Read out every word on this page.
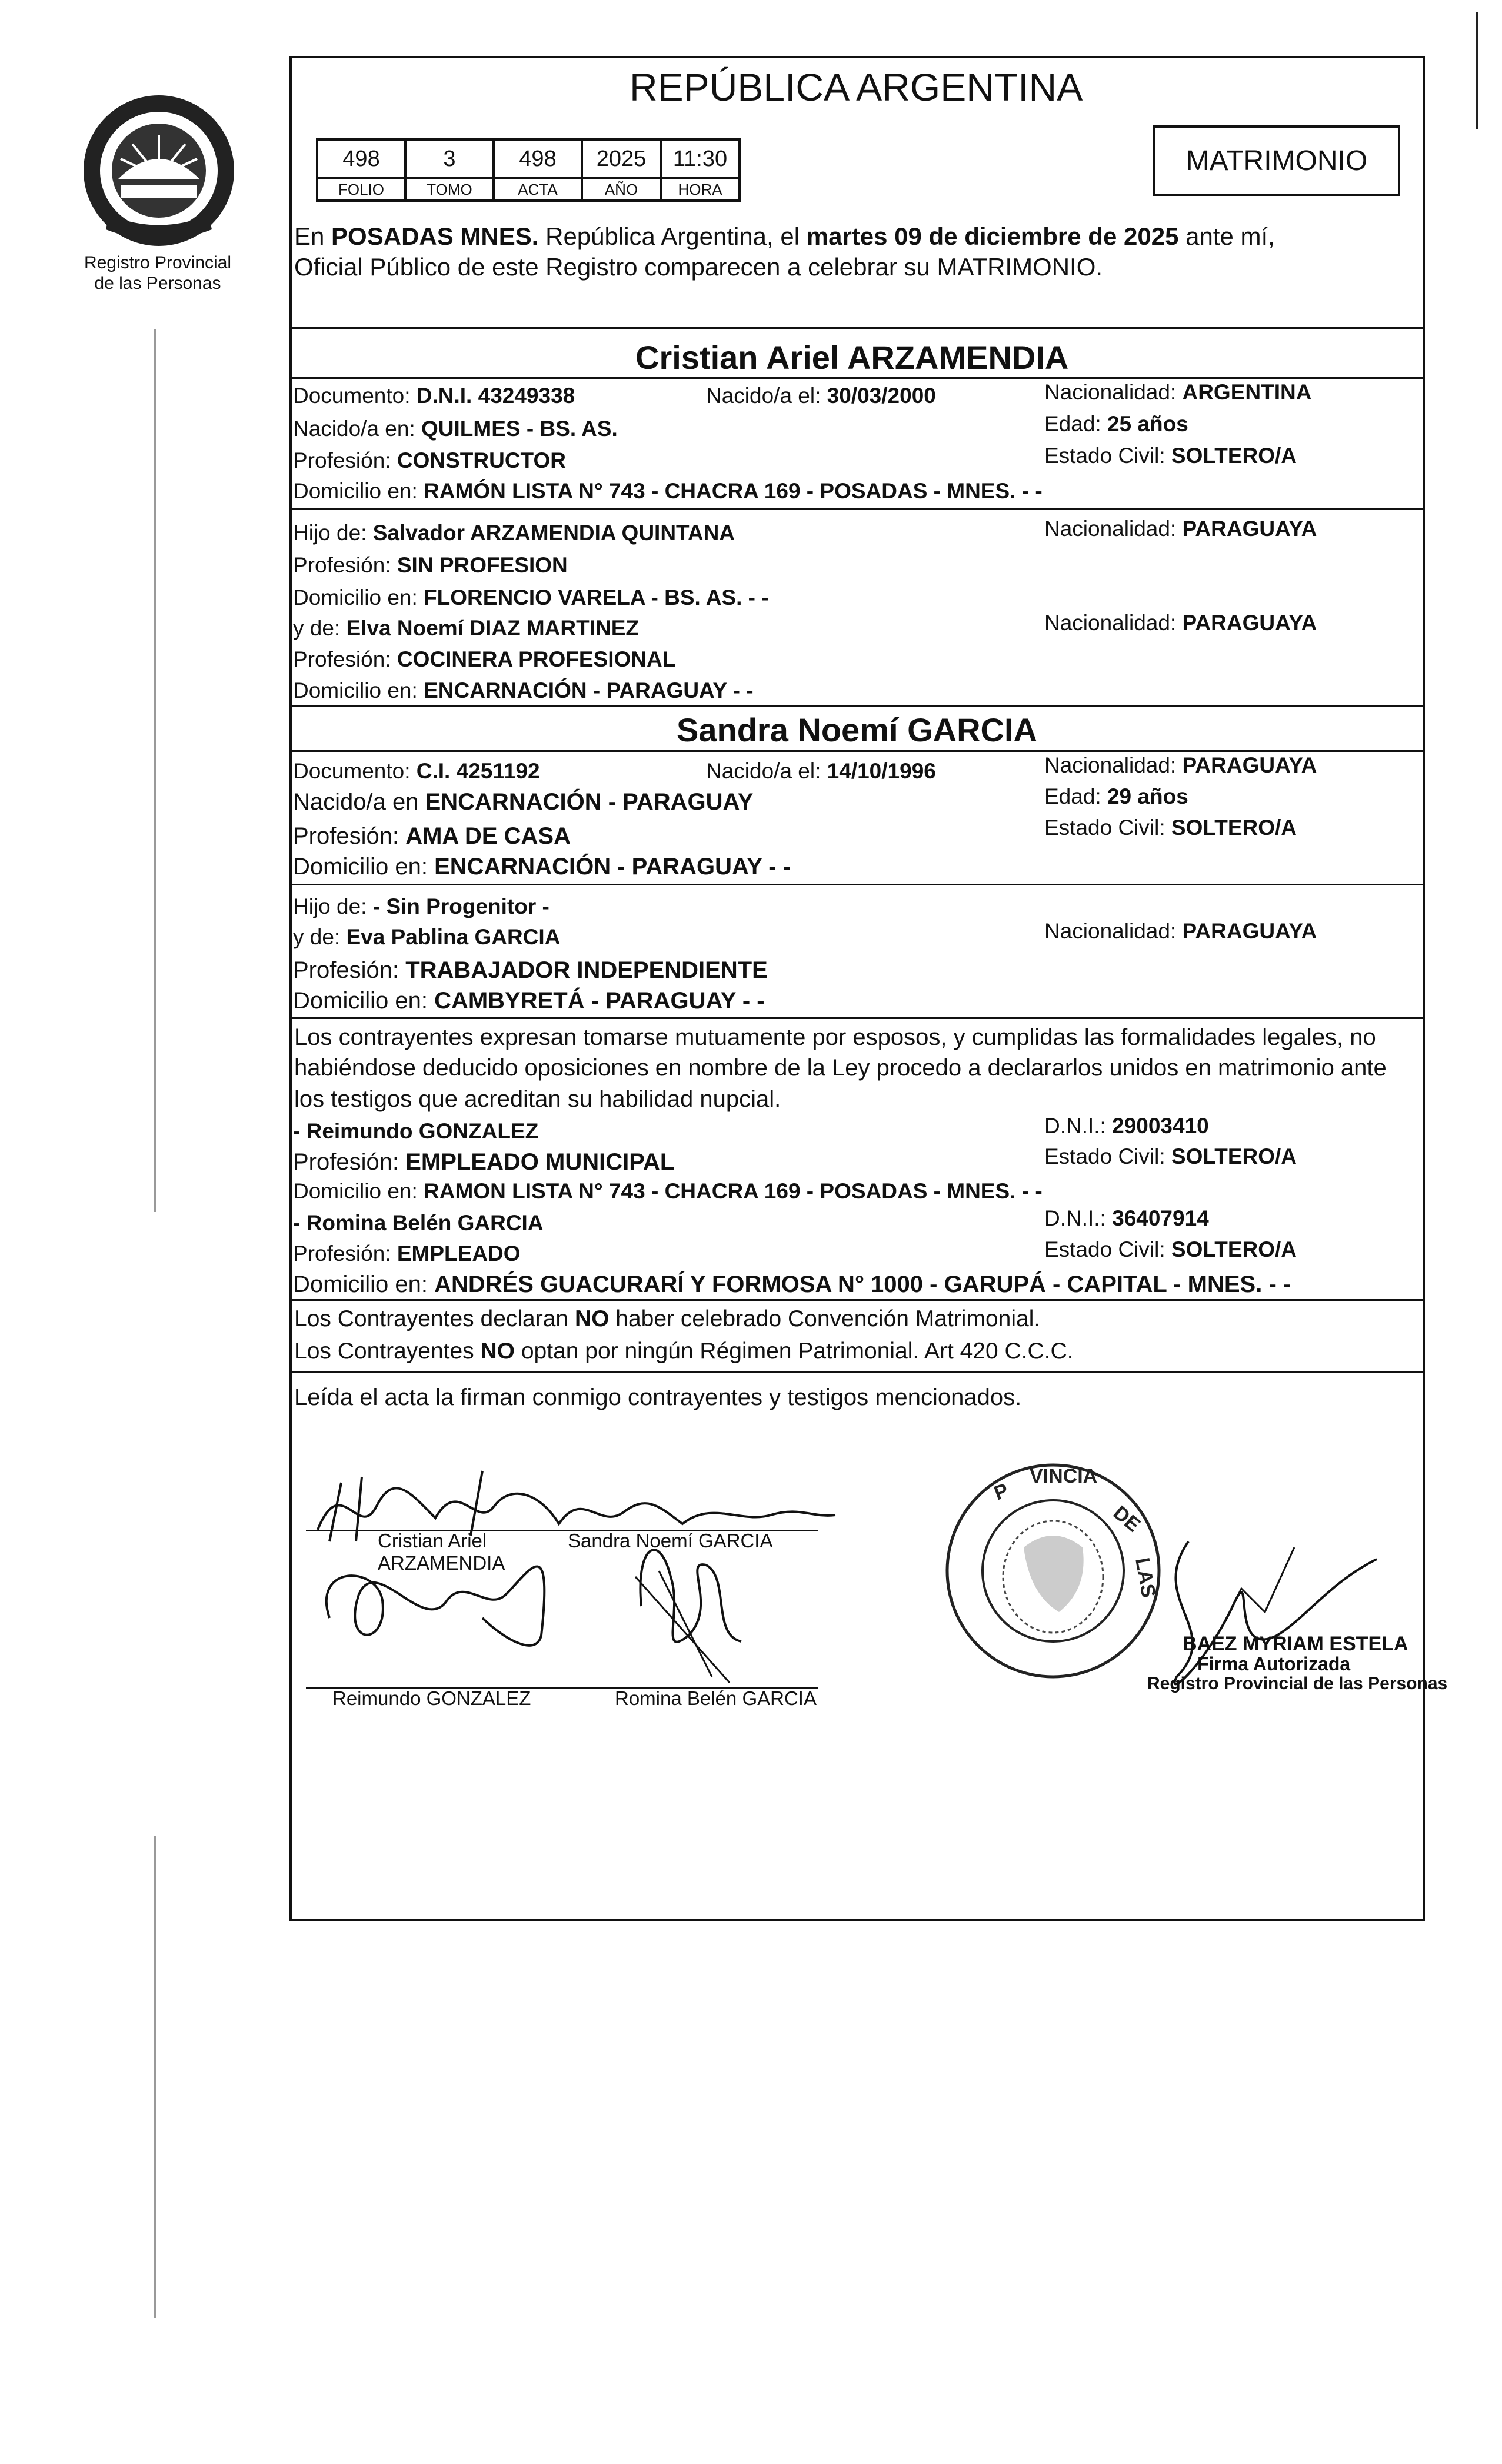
Registro Provincial
de las Personas
REPÚBLICA ARGENTINA
498	3	498	2025	11:30
FOLIO	TOMO	ACTA	AÑO	HORA
MATRIMONIO
En POSADAS MNES. República Argentina, el martes 09 de diciembre de 2025 ante mí,
Oficial Público de este Registro comparecen a celebrar su MATRIMONIO.
Cristian Ariel ARZAMENDIA
Documento: D.N.I. 43249338	Nacido/a el: 30/03/2000	Nacionalidad: ARGENTINA
Nacido/a en: QUILMES - BS. AS.	Edad: 25 años
Profesión: CONSTRUCTOR	Estado Civil: SOLTERO/A
Domicilio en: RAMÓN LISTA N° 743 - CHACRA 169 - POSADAS - MNES. - -
Hijo de: Salvador ARZAMENDIA QUINTANA	Nacionalidad: PARAGUAYA
Profesión: SIN PROFESION
Domicilio en: FLORENCIO VARELA - BS. AS. - -
y de: Elva Noemí DIAZ MARTINEZ	Nacionalidad: PARAGUAYA
Profesión: COCINERA PROFESIONAL
Domicilio en: ENCARNACIÓN - PARAGUAY - -
Sandra Noemí GARCIA
Documento: C.I. 4251192	Nacido/a el: 14/10/1996	Nacionalidad: PARAGUAYA
Nacido/a en ENCARNACIÓN - PARAGUAY	Edad: 29 años
Profesión: AMA DE CASA	Estado Civil: SOLTERO/A
Domicilio en: ENCARNACIÓN - PARAGUAY - -
Hijo de: - Sin Progenitor -
y de: Eva Pablina GARCIA	Nacionalidad: PARAGUAYA
Profesión: TRABAJADOR INDEPENDIENTE
Domicilio en: CAMBYRETÁ - PARAGUAY - -
Los contrayentes expresan tomarse mutuamente por esposos, y cumplidas las formalidades legales, no
habiéndose deducido oposiciones en nombre de la Ley procedo a declararlos unidos en matrimonio ante
los testigos que acreditan su habilidad nupcial.
- Reimundo GONZALEZ	D.N.I.: 29003410
Profesión: EMPLEADO MUNICIPAL	Estado Civil: SOLTERO/A
Domicilio en: RAMON LISTA N° 743 - CHACRA 169 - POSADAS - MNES. - -
- Romina Belén GARCIA	D.N.I.: 36407914
Profesión: EMPLEADO	Estado Civil: SOLTERO/A
Domicilio en: ANDRÉS GUACURARÍ Y FORMOSA N° 1000 - GARUPÁ - CAPITAL - MNES. - -
Los Contrayentes declaran NO haber celebrado Convención Matrimonial.
Los Contrayentes NO optan por ningún Régimen Patrimonial. Art 420 C.C.C.
Leída el acta la firman conmigo contrayentes y testigos mencionados.
Cristian Ariel
ARZAMENDIA
Sandra Noemí GARCIA
Reimundo GONZALEZ	Romina Belén GARCIA
P
VINCIA
DE
LAS
BAEZ MYRIAM ESTELA
Firma Autorizada
Registro Provincial de las Personas
